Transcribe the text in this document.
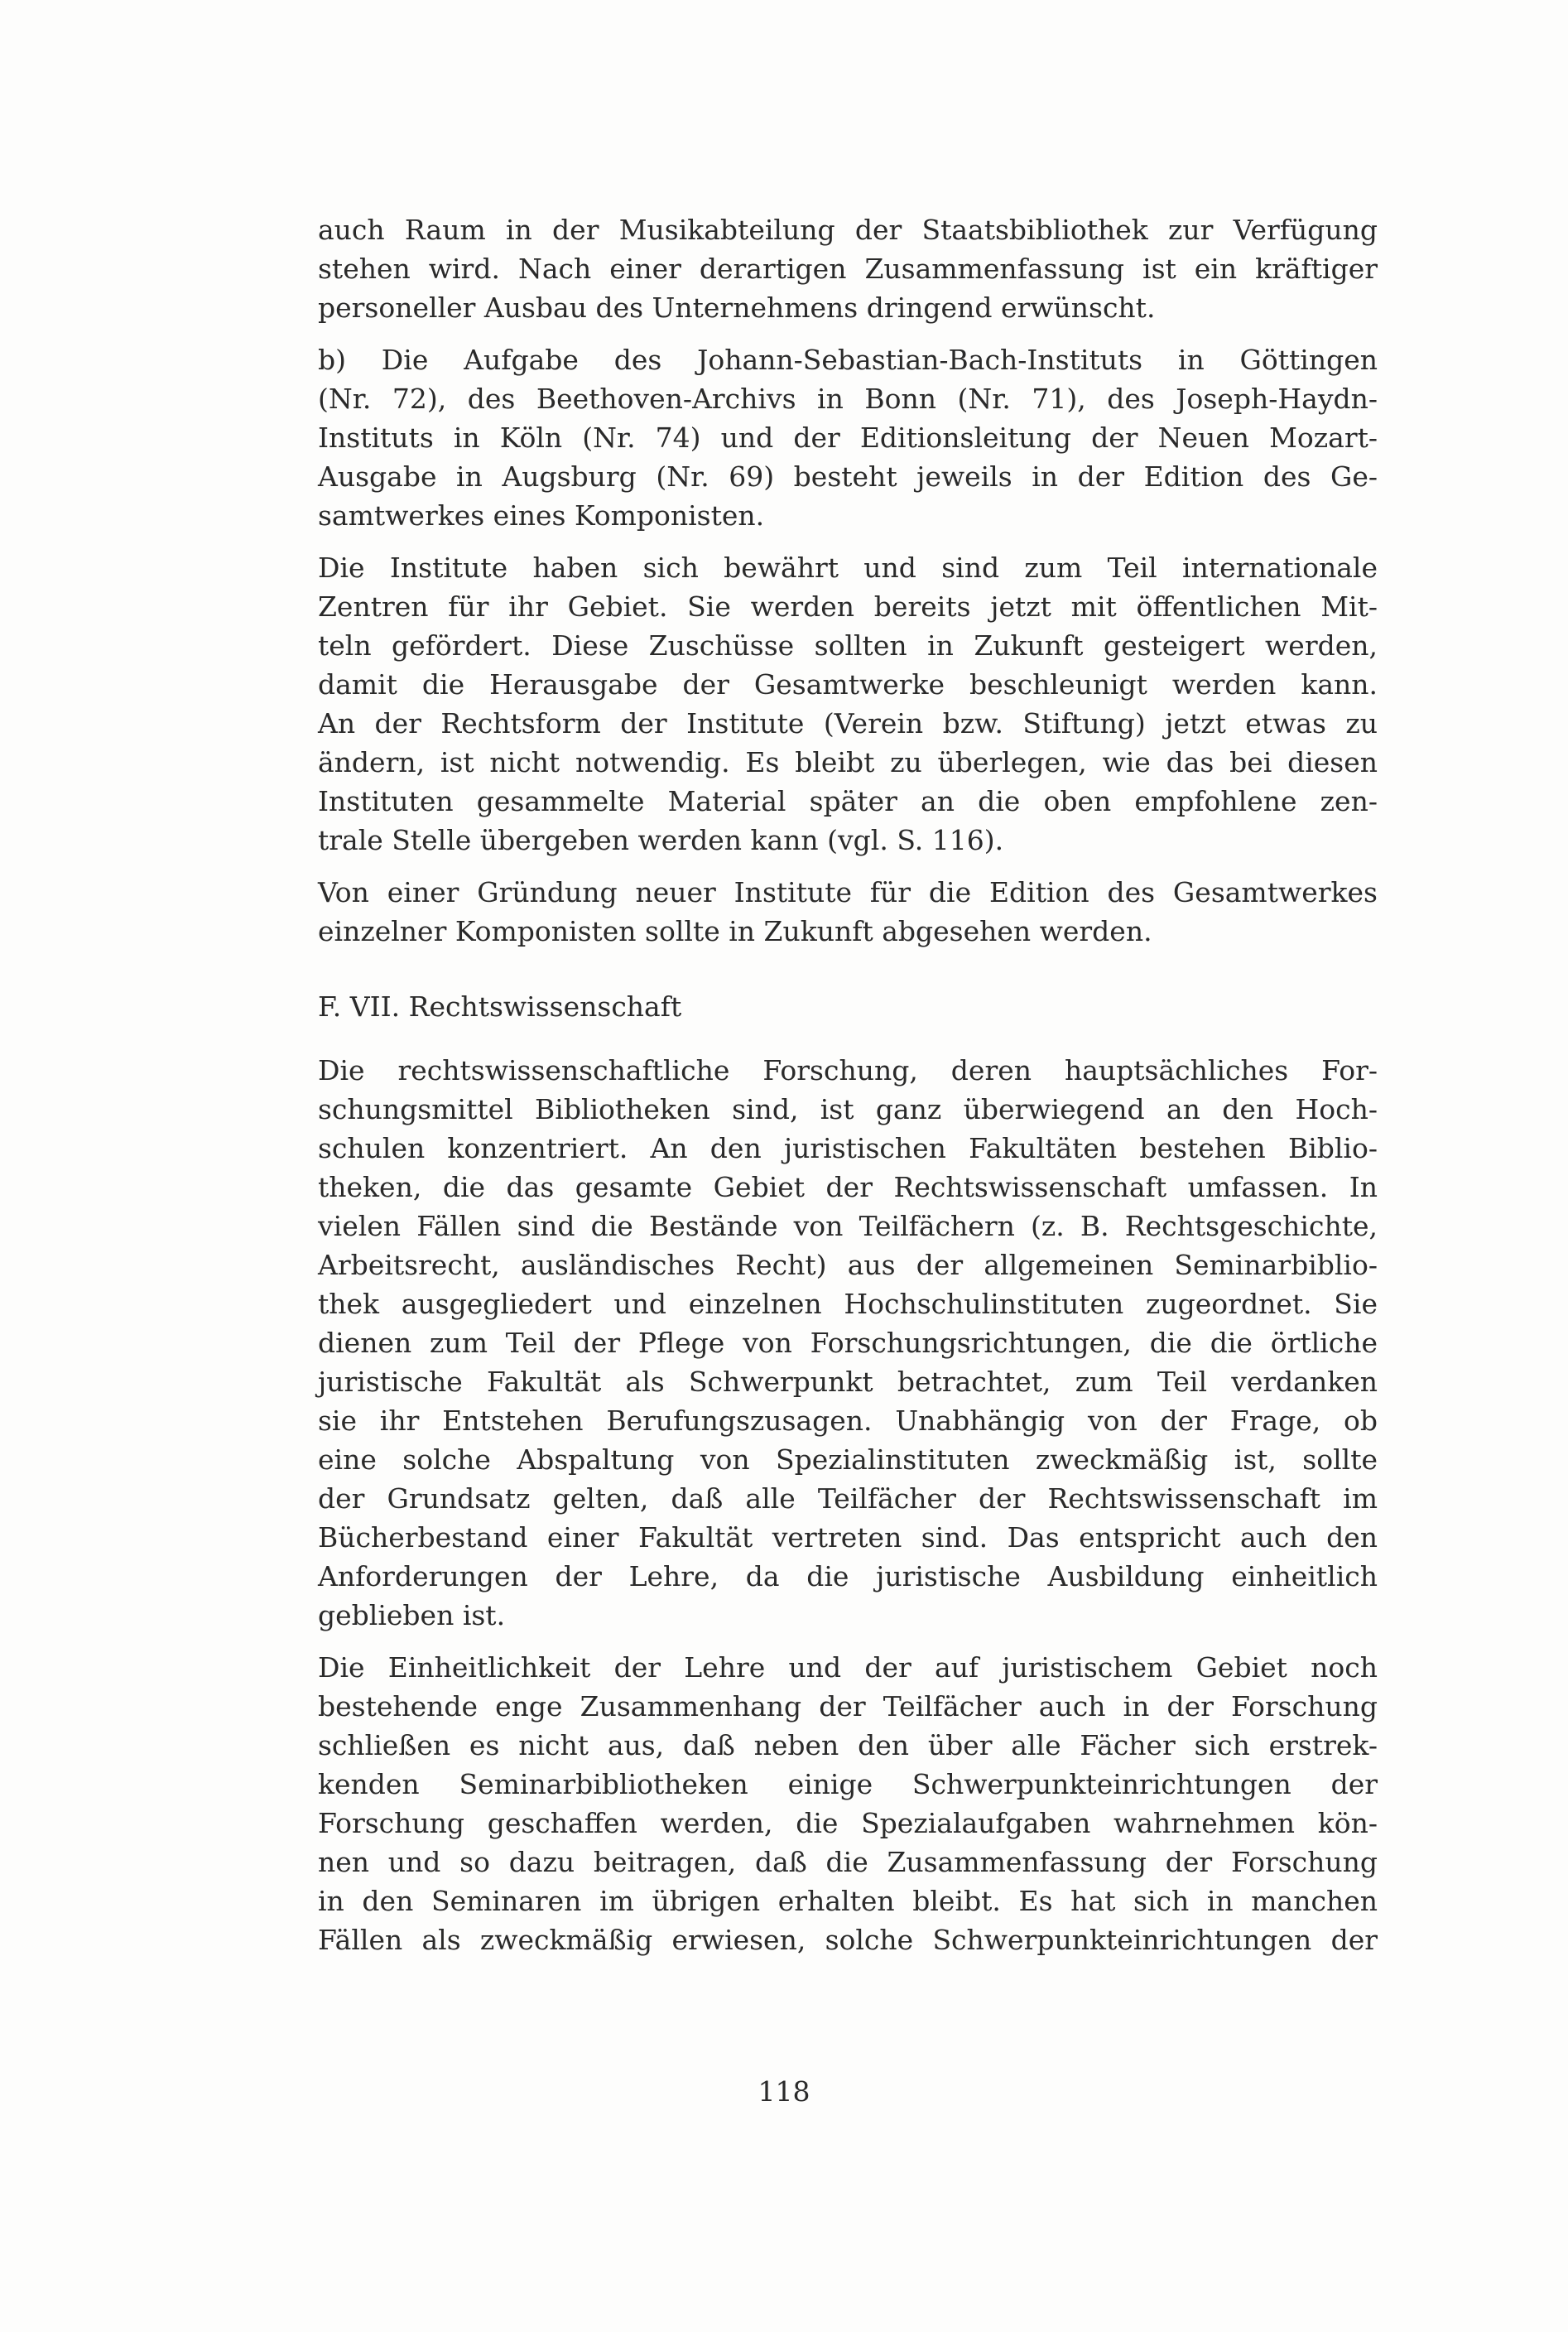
auch Raum in der Musikabteilung der Staatsbibliothek zur Verfügung
stehen wird. Nach einer derartigen Zusammenfassung ist ein kräftiger
personeller Ausbau des Unternehmens dringend erwünscht.
b) Die Aufgabe des Johann-Sebastian-Bach-Instituts in Göttingen
(Nr. 72), des Beethoven-Archivs in Bonn (Nr. 71), des Joseph-Haydn-
Instituts in Köln (Nr. 74) und der Editionsleitung der Neuen Mozart-
Ausgabe in Augsburg (Nr. 69) besteht jeweils in der Edition des Ge-
samtwerkes eines Komponisten.
Die Institute haben sich bewährt und sind zum Teil internationale
Zentren für ihr Gebiet. Sie werden bereits jetzt mit öffentlichen Mit-
teln gefördert. Diese Zuschüsse sollten in Zukunft gesteigert werden,
damit die Herausgabe der Gesamtwerke beschleunigt werden kann.
An der Rechtsform der Institute (Verein bzw. Stiftung) jetzt etwas zu
ändern, ist nicht notwendig. Es bleibt zu überlegen, wie das bei diesen
Instituten gesammelte Material später an die oben empfohlene zen-
trale Stelle übergeben werden kann (vgl. S. 116).
Von einer Gründung neuer Institute für die Edition des Gesamtwerkes
einzelner Komponisten sollte in Zukunft abgesehen werden.
F. VII. Rechtswissenschaft
Die rechtswissenschaftliche Forschung, deren hauptsächliches For-
schungsmittel Bibliotheken sind, ist ganz überwiegend an den Hoch-
schulen konzentriert. An den juristischen Fakultäten bestehen Biblio-
theken, die das gesamte Gebiet der Rechtswissenschaft umfassen. In
vielen Fällen sind die Bestände von Teilfächern (z. B. Rechtsgeschichte,
Arbeitsrecht, ausländisches Recht) aus der allgemeinen Seminarbiblio-
thek ausgegliedert und einzelnen Hochschulinstituten zugeordnet. Sie
dienen zum Teil der Pflege von Forschungsrichtungen, die die örtliche
juristische Fakultät als Schwerpunkt betrachtet, zum Teil verdanken
sie ihr Entstehen Berufungszusagen. Unabhängig von der Frage, ob
eine solche Abspaltung von Spezialinstituten zweckmäßig ist, sollte
der Grundsatz gelten, daß alle Teilfächer der Rechtswissenschaft im
Bücherbestand einer Fakultät vertreten sind. Das entspricht auch den
Anforderungen der Lehre, da die juristische Ausbildung einheitlich
geblieben ist.
Die Einheitlichkeit der Lehre und der auf juristischem Gebiet noch
bestehende enge Zusammenhang der Teilfächer auch in der Forschung
schließen es nicht aus, daß neben den über alle Fächer sich erstrek-
kenden Seminarbibliotheken einige Schwerpunkteinrichtungen der
Forschung geschaffen werden, die Spezialaufgaben wahrnehmen kön-
nen und so dazu beitragen, daß die Zusammenfassung der Forschung
in den Seminaren im übrigen erhalten bleibt. Es hat sich in manchen
Fällen als zweckmäßig erwiesen, solche Schwerpunkteinrichtungen der
118
